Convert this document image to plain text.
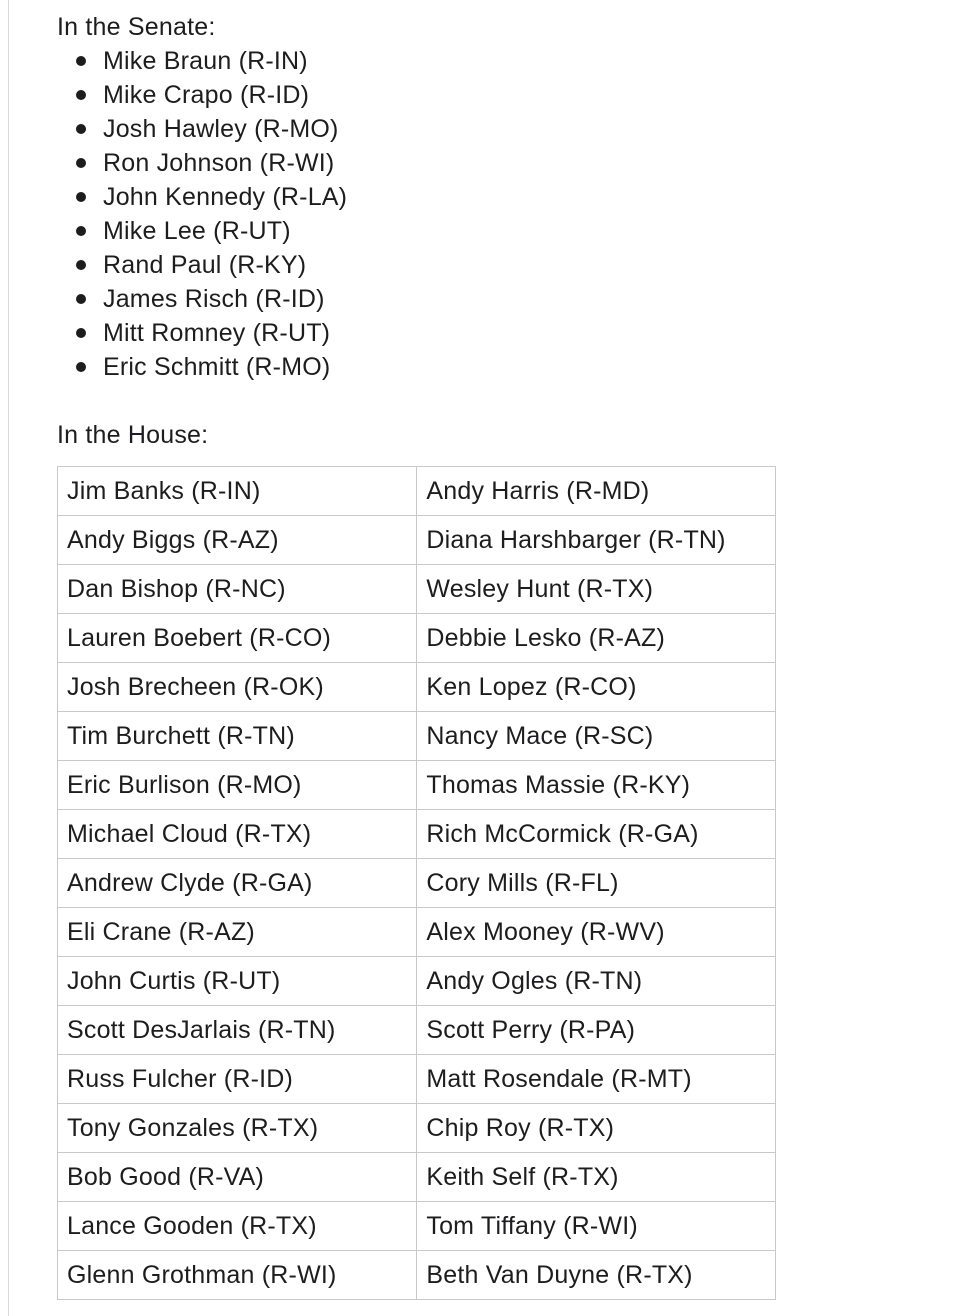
In the Senate:

Mike Braun (R-IN)
Mike Crapo (R-ID)
Josh Hawley (R-MO)
Ron Johnson (R-WI)
John Kennedy (R-LA)
Mike Lee (R-UT)
Rand Paul (R-KY)
James Risch (R-ID)
Mitt Romney (R-UT)
Eric Schmitt (R-MO)

In the House:

Jim Banks (R-IN)	Andy Harris (R-MD)
Andy Biggs (R-AZ)	Diana Harshbarger (R-TN)
Dan Bishop (R-NC)	Wesley Hunt (R-TX)
Lauren Boebert (R-CO)	Debbie Lesko (R-AZ)
Josh Brecheen (R-OK)	Ken Lopez (R-CO)
Tim Burchett (R-TN)	Nancy Mace (R-SC)
Eric Burlison (R-MO)	Thomas Massie (R-KY)
Michael Cloud (R-TX)	Rich McCormick (R-GA)
Andrew Clyde (R-GA)	Cory Mills (R-FL)
Eli Crane (R-AZ)	Alex Mooney (R-WV)
John Curtis (R-UT)	Andy Ogles (R-TN)
Scott DesJarlais (R-TN)	Scott Perry (R-PA)
Russ Fulcher (R-ID)	Matt Rosendale (R-MT)
Tony Gonzales (R-TX)	Chip Roy (R-TX)
Bob Good (R-VA)	Keith Self (R-TX)
Lance Gooden (R-TX)	Tom Tiffany (R-WI)
Glenn Grothman (R-WI)	Beth Van Duyne (R-TX)
